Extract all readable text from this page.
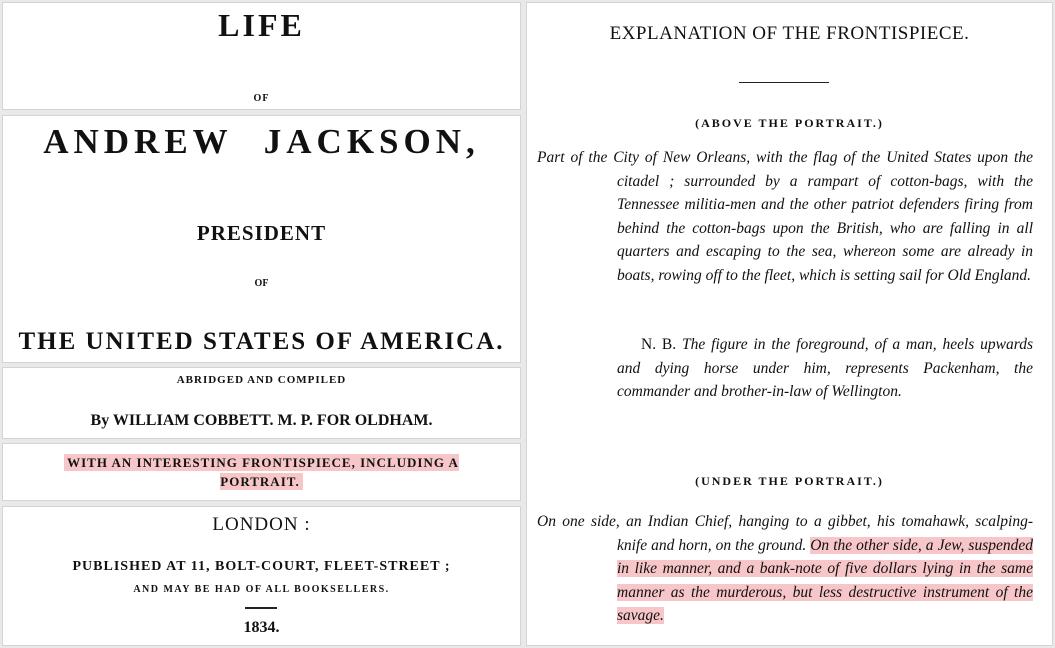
LIFE
OF
ANDREW JACKSON,
PRESIDENT
OF
THE UNITED STATES OF AMERICA.
ABRIDGED AND COMPILED
By WILLIAM COBBETT. M. P. FOR OLDHAM.
WITH AN INTERESTING FRONTISPIECE, INCLUDING A PORTRAIT.
LONDON :
PUBLISHED AT 11, BOLT-COURT, FLEET-STREET ;
AND MAY BE HAD OF ALL BOOKSELLERS.
1834.
EXPLANATION OF THE FRONTISPIECE.
(ABOVE THE PORTRAIT.)
Part of the City of New Orleans, with the flag of the United States upon the citadel ; surrounded by a rampart of cotton-bags, with the Tennessee militia-men and the other patriot defenders firing from behind the cotton-bags upon the British, who are falling in all quarters and escaping to the sea, whereon some are already in boats, rowing off to the fleet, which is setting sail for Old England.
N. B. The figure in the foreground, of a man, heels upwards and dying horse under him, represents Packenham, the commander and brother-in-law of Wellington.
(UNDER THE PORTRAIT.)
On one side, an Indian Chief, hanging to a gibbet, his tomahawk, scalping-knife and horn, on the ground. On the other side, a Jew, suspended in like manner, and a bank-note of five dollars lying in the same manner as the murderous, but less destructive instrument of the savage.
